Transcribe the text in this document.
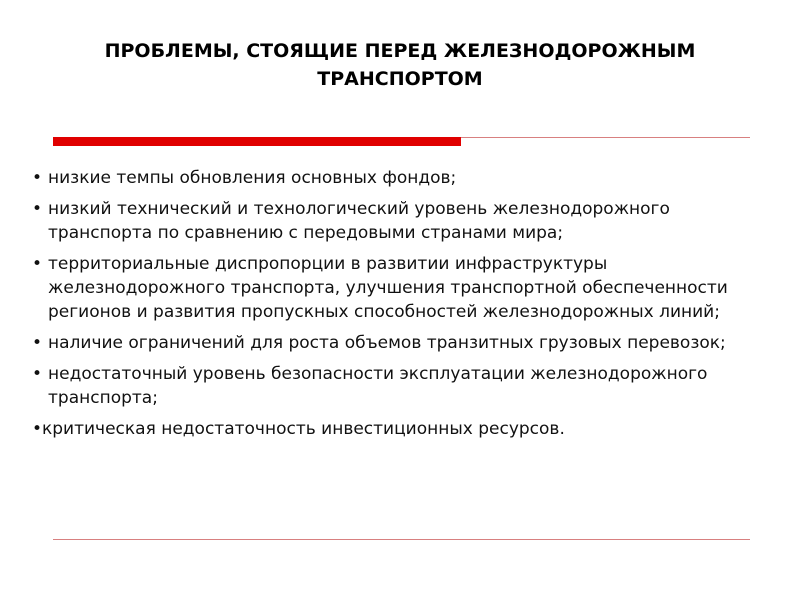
ПРОБЛЕМЫ, СТОЯЩИЕ ПЕРЕД ЖЕЛЕЗНОДОРОЖНЫМ
ТРАНСПОРТОМ
• низкие темпы обновления основных фондов;
• низкий технический и технологический уровень железнодорожного транспорта по сравнению с передовыми странами мира;
• территориальные диспропорции в развитии инфраструктуры железнодорожного транспорта, улучшения транспортной обеспеченности регионов и развития пропускных способностей железнодорожных линий;
• наличие ограничений для роста объемов транзитных грузовых перевозок;
• недостаточный уровень безопасности эксплуатации железнодорожного транспорта;
• критическая недостаточность инвестиционных ресурсов.
